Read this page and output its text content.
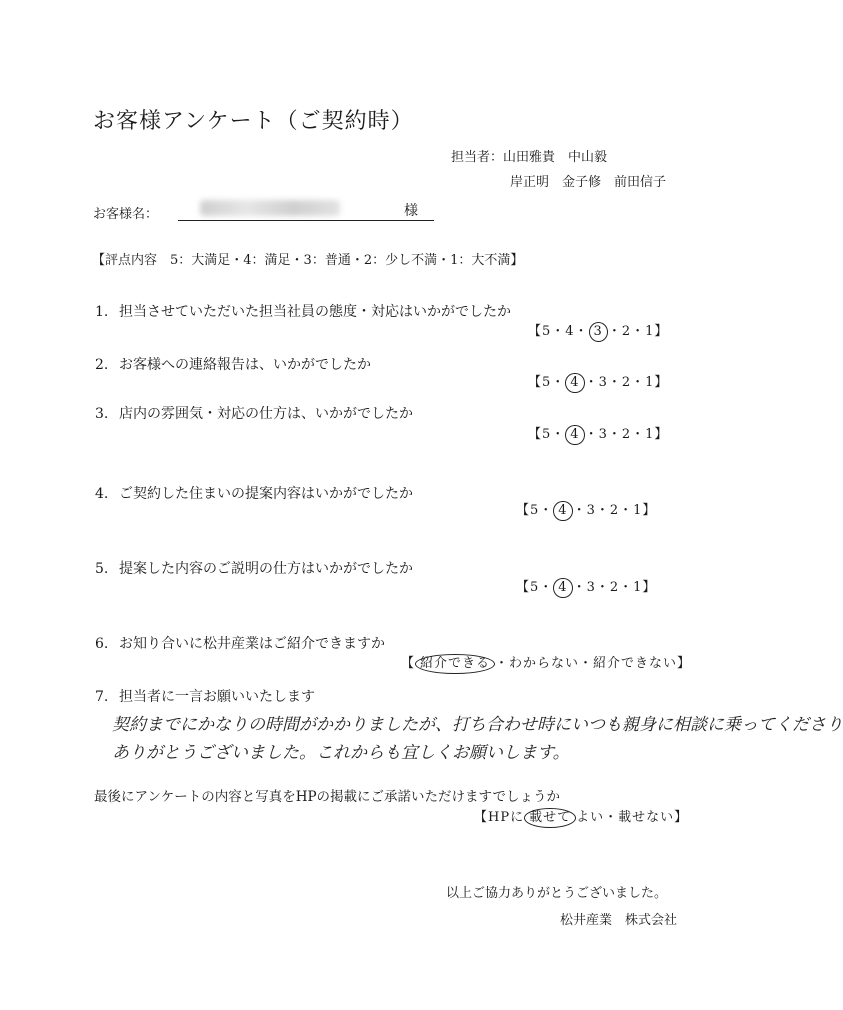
お客様アンケート（ご契約時）
担当者：山田雅貴　中山毅
岸正明　金子修　前田信子
お客様名：	様
【評点内容　5：大満足・4：満足・3：普通・2：少し不満・1：大不満】
1. 担当させていただいた担当社員の態度・対応はいかがでしたか
【5・4・ 3 ・2・1】
2. お客様への連絡報告は、いかがでしたか
【5・ 4 ・3・2・1】
3. 店内の雰囲気・対応の仕方は、いかがでしたか
【5・ 4 ・3・2・1】
4. ご契約した住まいの提案内容はいかがでしたか
【5・ 4 ・3・2・1】
5. 提案した内容のご説明の仕方はいかがでしたか
【5・ 4 ・3・2・1】
6. お知り合いに松井産業はご紹介できますか
【 紹介できる ・わからない・紹介できない】
7. 担当者に一言お願いいたします
契約までにかなりの時間がかかりましたが、打ち合わせ時にいつも親身に相談に乗ってくださり
ありがとうございました。これからも宜しくお願いします。
最後にアンケートの内容と写真をHPの掲載にご承諾いただけますでしょうか
【HPに 載せて よい・載せない】
以上ご協力ありがとうございました。
松井産業　株式会社
